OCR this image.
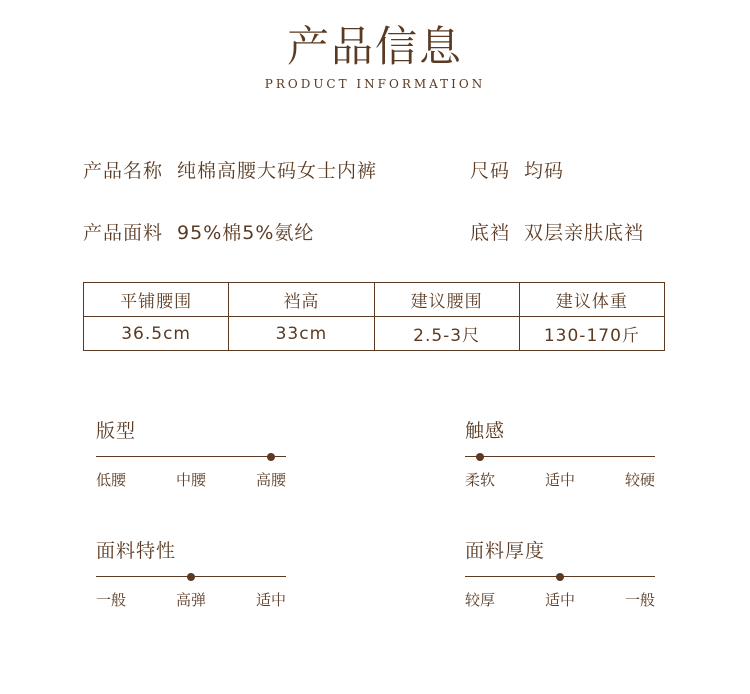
产品信息
PRODUCT INFORMATION
产品名称 纯棉高腰大码女士内裤	尺码 均码
产品面料 95%棉5%氨纶	底裆 双层亲肤底裆
平铺腰围	裆高	建议腰围	建议体重
36.5cm	33cm	2.5-3尺	130-170斤
版型
低腰	中腰	高腰
触感
柔软	适中	较硬
面料特性
一般	高弹	适中
面料厚度
较厚	适中	一般
